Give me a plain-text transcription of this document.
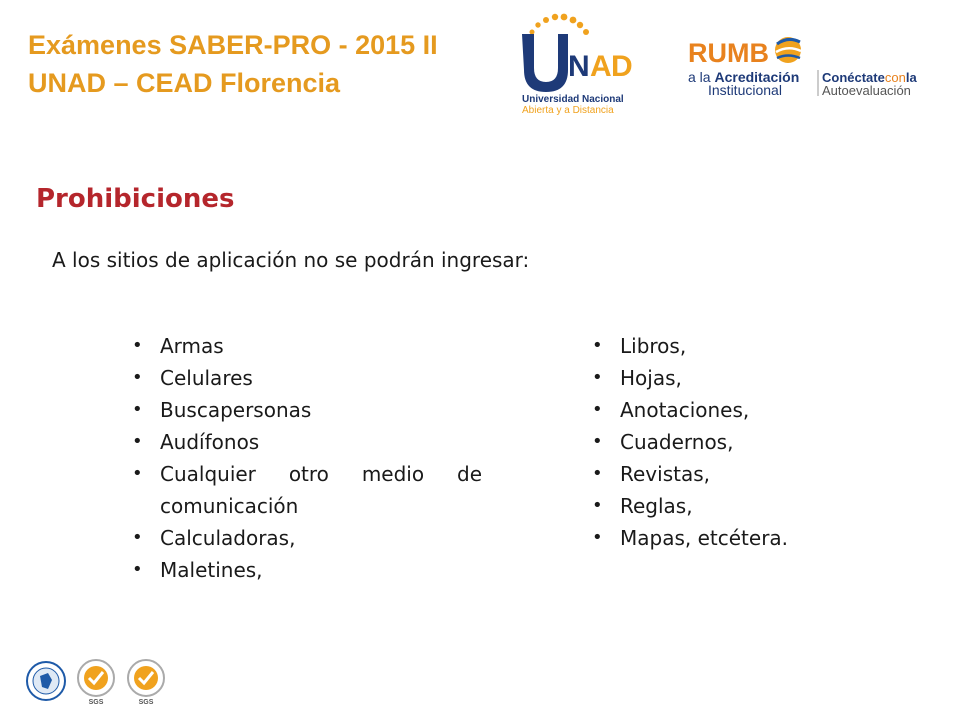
Exámenes SABER-PRO - 2015 II
UNAD – CEAD Florencia	N A D
Universidad Nacional
Abierta y a Distancia
RUMB
a la Acreditación
Institucional
Conéctateconla
Autoevaluación
Prohibiciones

A los sitios de aplicación no se podrán ingresar:

• Armas
• Celulares
• Buscapersonas
• Audífonos
• Cualquier otro medio de comunicación
• Calculadoras,
• Maletines,
• Libros,
• Hojas,
• Anotaciones,
• Cuadernos,
• Revistas,
• Reglas,
• Mapas, etcétera.
SGS	SGS
